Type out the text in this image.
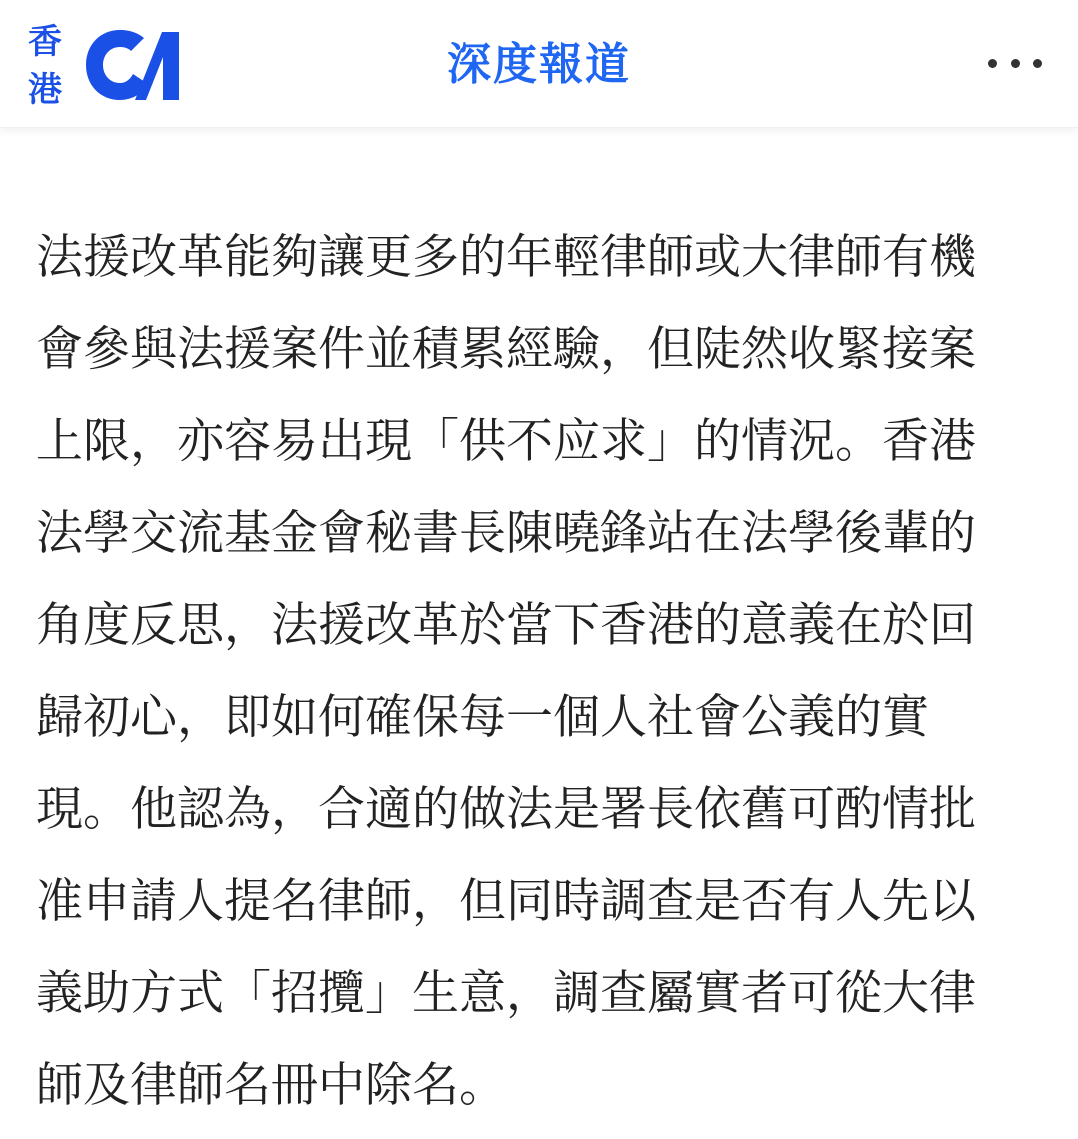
香
港	深度報道

法援改革能夠讓更多的年輕律師或大律師有機會參與法援案件並積累經驗，但陡然收緊接案上限，亦容易出現「供不应求」的情況。香港法學交流基金會秘書長陳曉鋒站在法學後輩的角度反思，法援改革於當下香港的意義在於回歸初心，即如何確保每一個人社會公義的實現。他認為，合適的做法是署長依舊可酌情批准申請人提名律師，但同時調查是否有人先以義助方式「招攬」生意，調查屬實者可從大律師及律師名冊中除名。
